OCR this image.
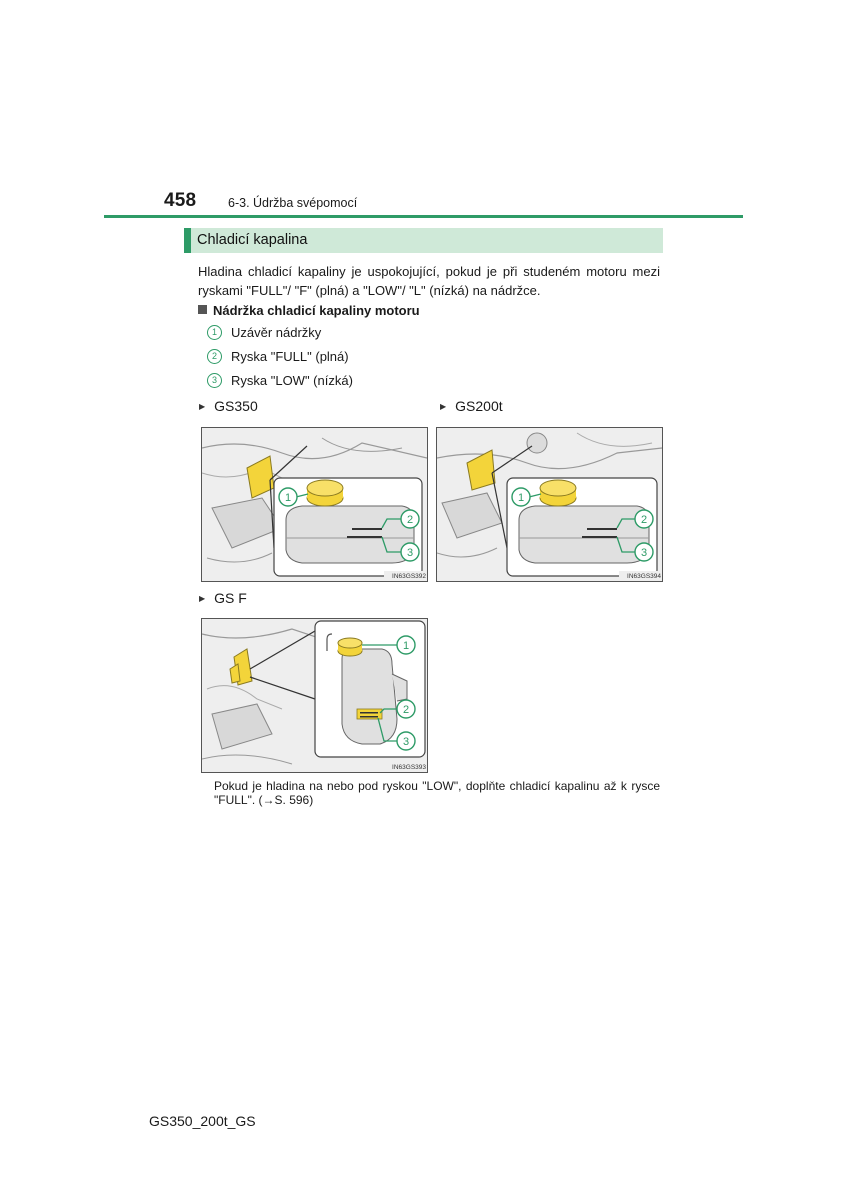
458	6-3. Údržba svépomocí
Chladicí kapalina
Hladina chladicí kapaliny je uspokojující, pokud je při studeném motoru mezi ryskami "FULL"/ "F" (plná) a "LOW"/ "L" (nízká) na nádržce.
Nádržka chladicí kapaliny motoru
1	Uzávěr nádržky
2	Ryska "FULL" (plná)
3	Ryska "LOW" (nízká)
▶ GS350	▶ GS200t
1
2
3
IN63GS392
1
2
3
IN63GS394
▶ GS F
1
2
3
IN63GS393
Pokud je hladina na nebo pod ryskou "LOW", doplňte chladicí kapalinu až k rysce "FULL". (→S. 596)
GS350_200t_GS
